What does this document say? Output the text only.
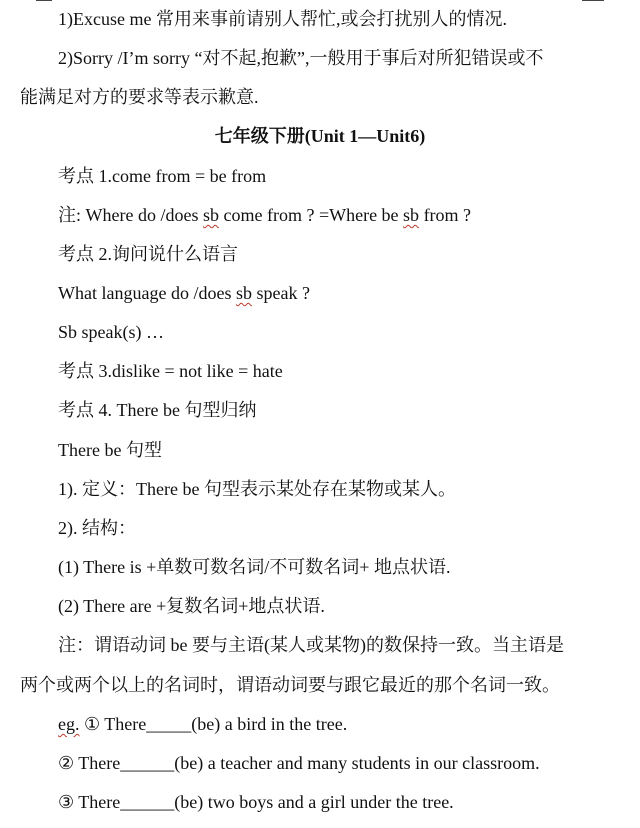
1)Excuse me 常用来事前请别人帮忙,或会打扰别人的情况.
2)Sorry /I’m sorry “对不起,抱歉”,一般用于事后对所犯错误或不
能满足对方的要求等表示歉意.
七年级下册(Unit 1—Unit6)
考点 1.come from = be from
注: Where do /does sb come from ? =Where be sb from ?
考点 2.询问说什么语言
What language do /does sb speak ?
Sb speak(s) …
考点 3.dislike = not like = hate
考点 4. There be 句型归纳
There be 句型
1). 定义：There be 句型表示某处存在某物或某人。
2). 结构：
(1) There is +单数可数名词/不可数名词+ 地点状语.
(2) There are +复数名词+地点状语.
注：谓语动词 be 要与主语(某人或某物)的数保持一致。当主语是
两个或两个以上的名词时，谓语动词要与跟它最近的那个名词一致。
eg. ① There_____(be) a bird in the tree.
② There______(be) a teacher and many students in our classroom.
③ There______(be) two boys and a girl under the tree.
